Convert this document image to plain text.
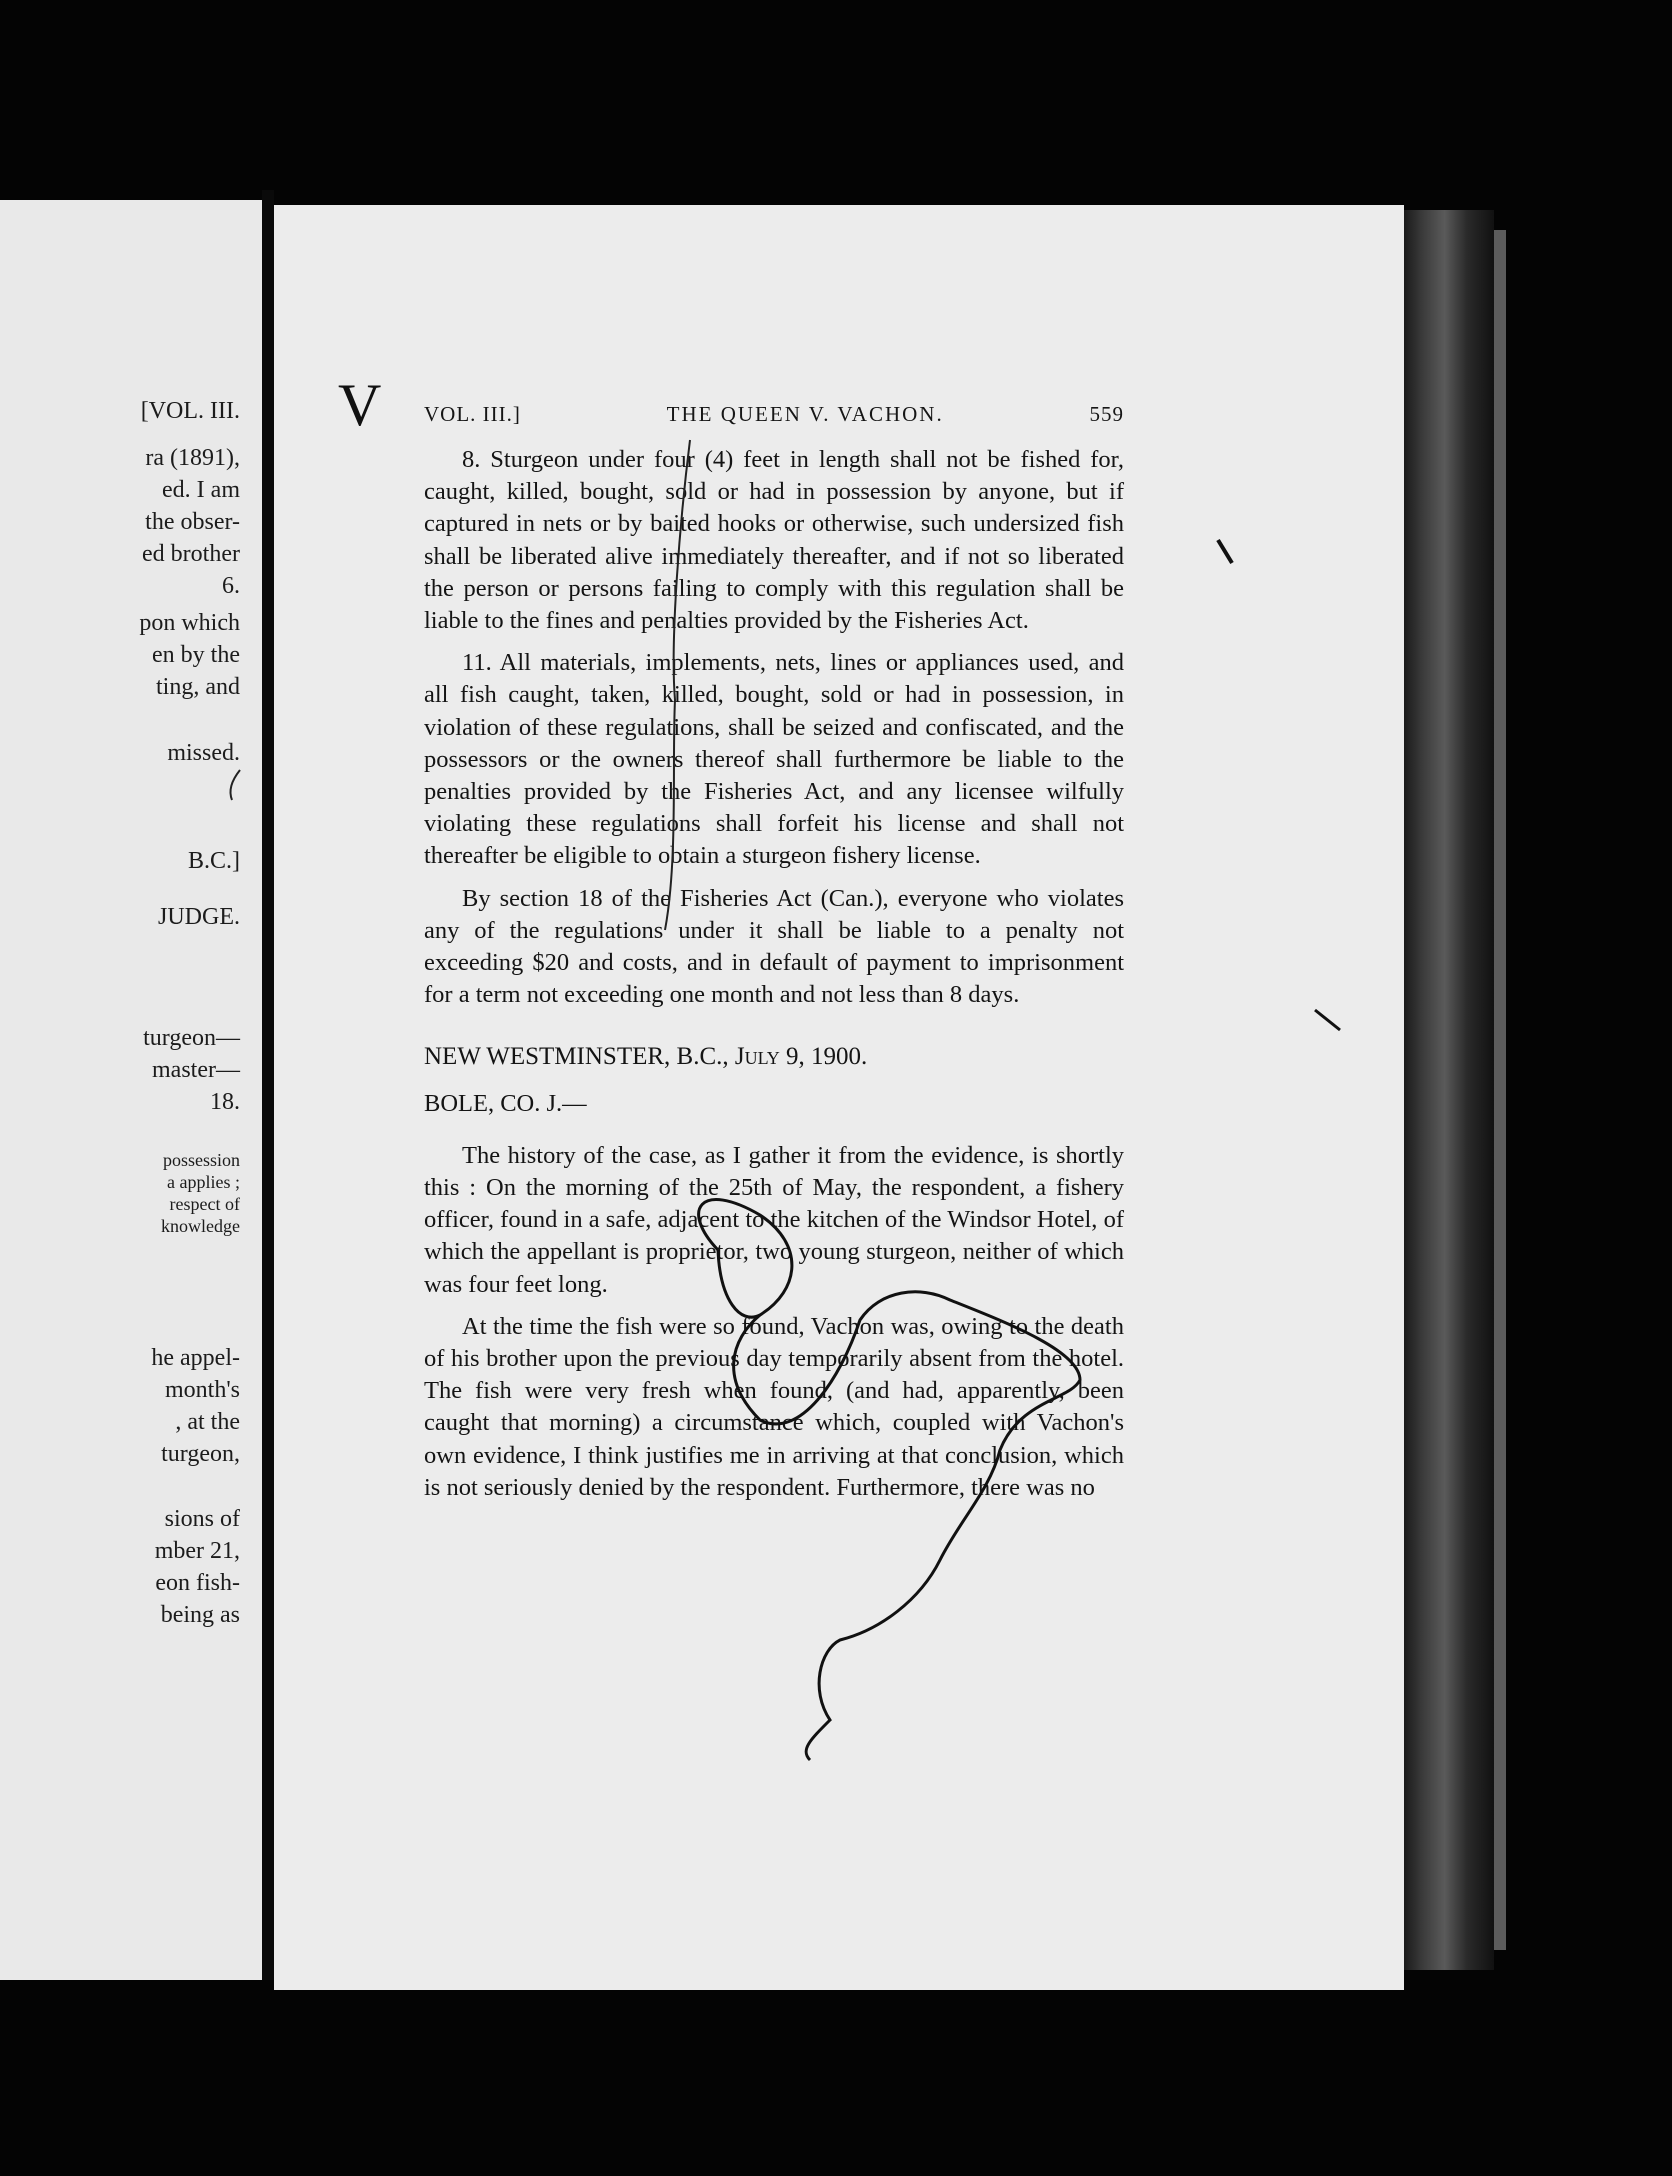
[VOL. III.
ra (1891),
ed. I am
the obser-
ed brother
6.
pon which
en by the
ting, and
missed.
B.C.]
JUDGE.
turgeon—
master—
18.
possession
a applies ;
respect of
knowledge
he appel-
month's
, at the
turgeon,
sions of
mber 21,
eon fish-
being as
VOL. III.]	THE QUEEN V. VACHON.	559

8. Sturgeon under four (4) feet in length shall not be fished for, caught, killed, bought, sold or had in possession by anyone, but if captured in nets or by baited hooks or otherwise, such undersized fish shall be liberated alive immediately thereafter, and if not so liberated the person or persons failing to comply with this regulation shall be liable to the fines and penalties provided by the Fisheries Act.

11. All materials, implements, nets, lines or appliances used, and all fish caught, taken, killed, bought, sold or had in possession, in violation of these regulations, shall be seized and confiscated, and the possessors or the owners thereof shall furthermore be liable to the penalties provided by the Fisheries Act, and any licensee wilfully violating these regulations shall forfeit his license and shall not thereafter be eligible to obtain a sturgeon fishery license.

By section 18 of the Fisheries Act (Can.), everyone who violates any of the regulations under it shall be liable to a penalty not exceeding $20 and costs, and in default of payment to imprisonment for a term not exceeding one month and not less than 8 days.

NEW WESTMINSTER, B.C., July 9, 1900.
BOLE, CO. J.—

The history of the case, as I gather it from the evidence, is shortly this : On the morning of the 25th of May, the respondent, a fishery officer, found in a safe, adjacent to the kitchen of the Windsor Hotel, of which the appellant is proprietor, two young sturgeon, neither of which was four feet long.

At the time the fish were so found, Vachon was, owing to the death of his brother upon the previous day temporarily absent from the hotel. The fish were very fresh when found, (and had, apparently, been caught that morning) a circumstance which, coupled with Vachon's own evidence, I think justifies me in arriving at that conclusion, which is not seriously denied by the respondent. Furthermore, there was no

V
